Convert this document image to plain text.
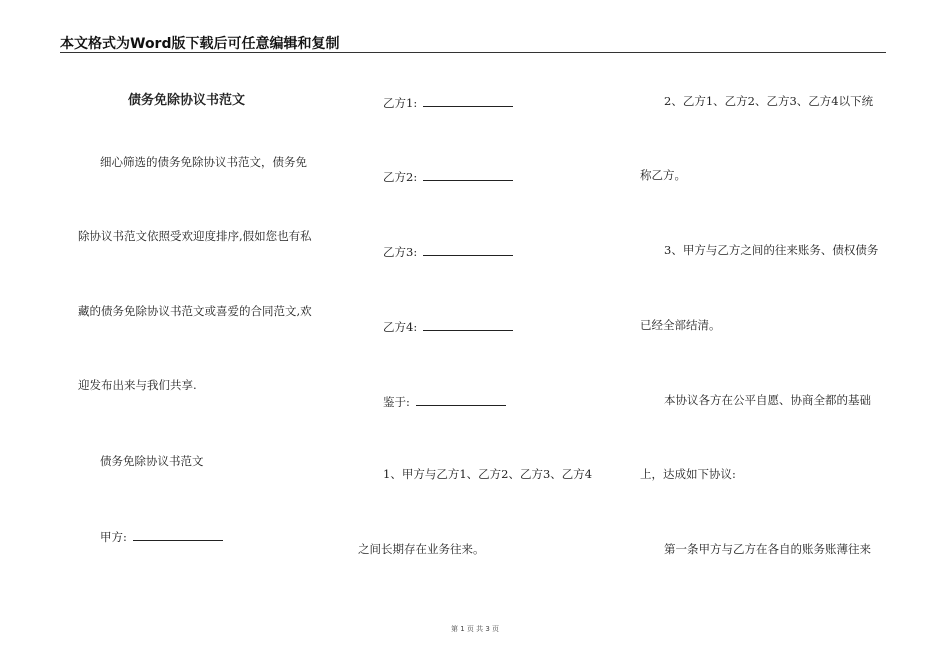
本文格式为Word版下载后可任意编辑和复制
债务免除协议书范文
细心筛选的债务免除协议书范文，债务免
除协议书范文依照受欢迎度排序,假如您也有私
藏的债务免除协议书范文或喜爱的合同范文,欢
迎发布出来与我们共享.
债务免除协议书范文
甲方:
乙方1:
乙方2:
乙方3:
乙方4:
鉴于:
1、甲方与乙方1、乙方2、乙方3、乙方4
之间长期存在业务往来。
2、乙方1、乙方2、乙方3、乙方4以下统
称乙方。
3、甲方与乙方之间的往来账务、债权债务
已经全部结清。
本协议各方在公平自愿、协商全都的基础
上，达成如下协议:
第一条甲方与乙方在各自的账务账薄往来
第 1 页 共 3 页
